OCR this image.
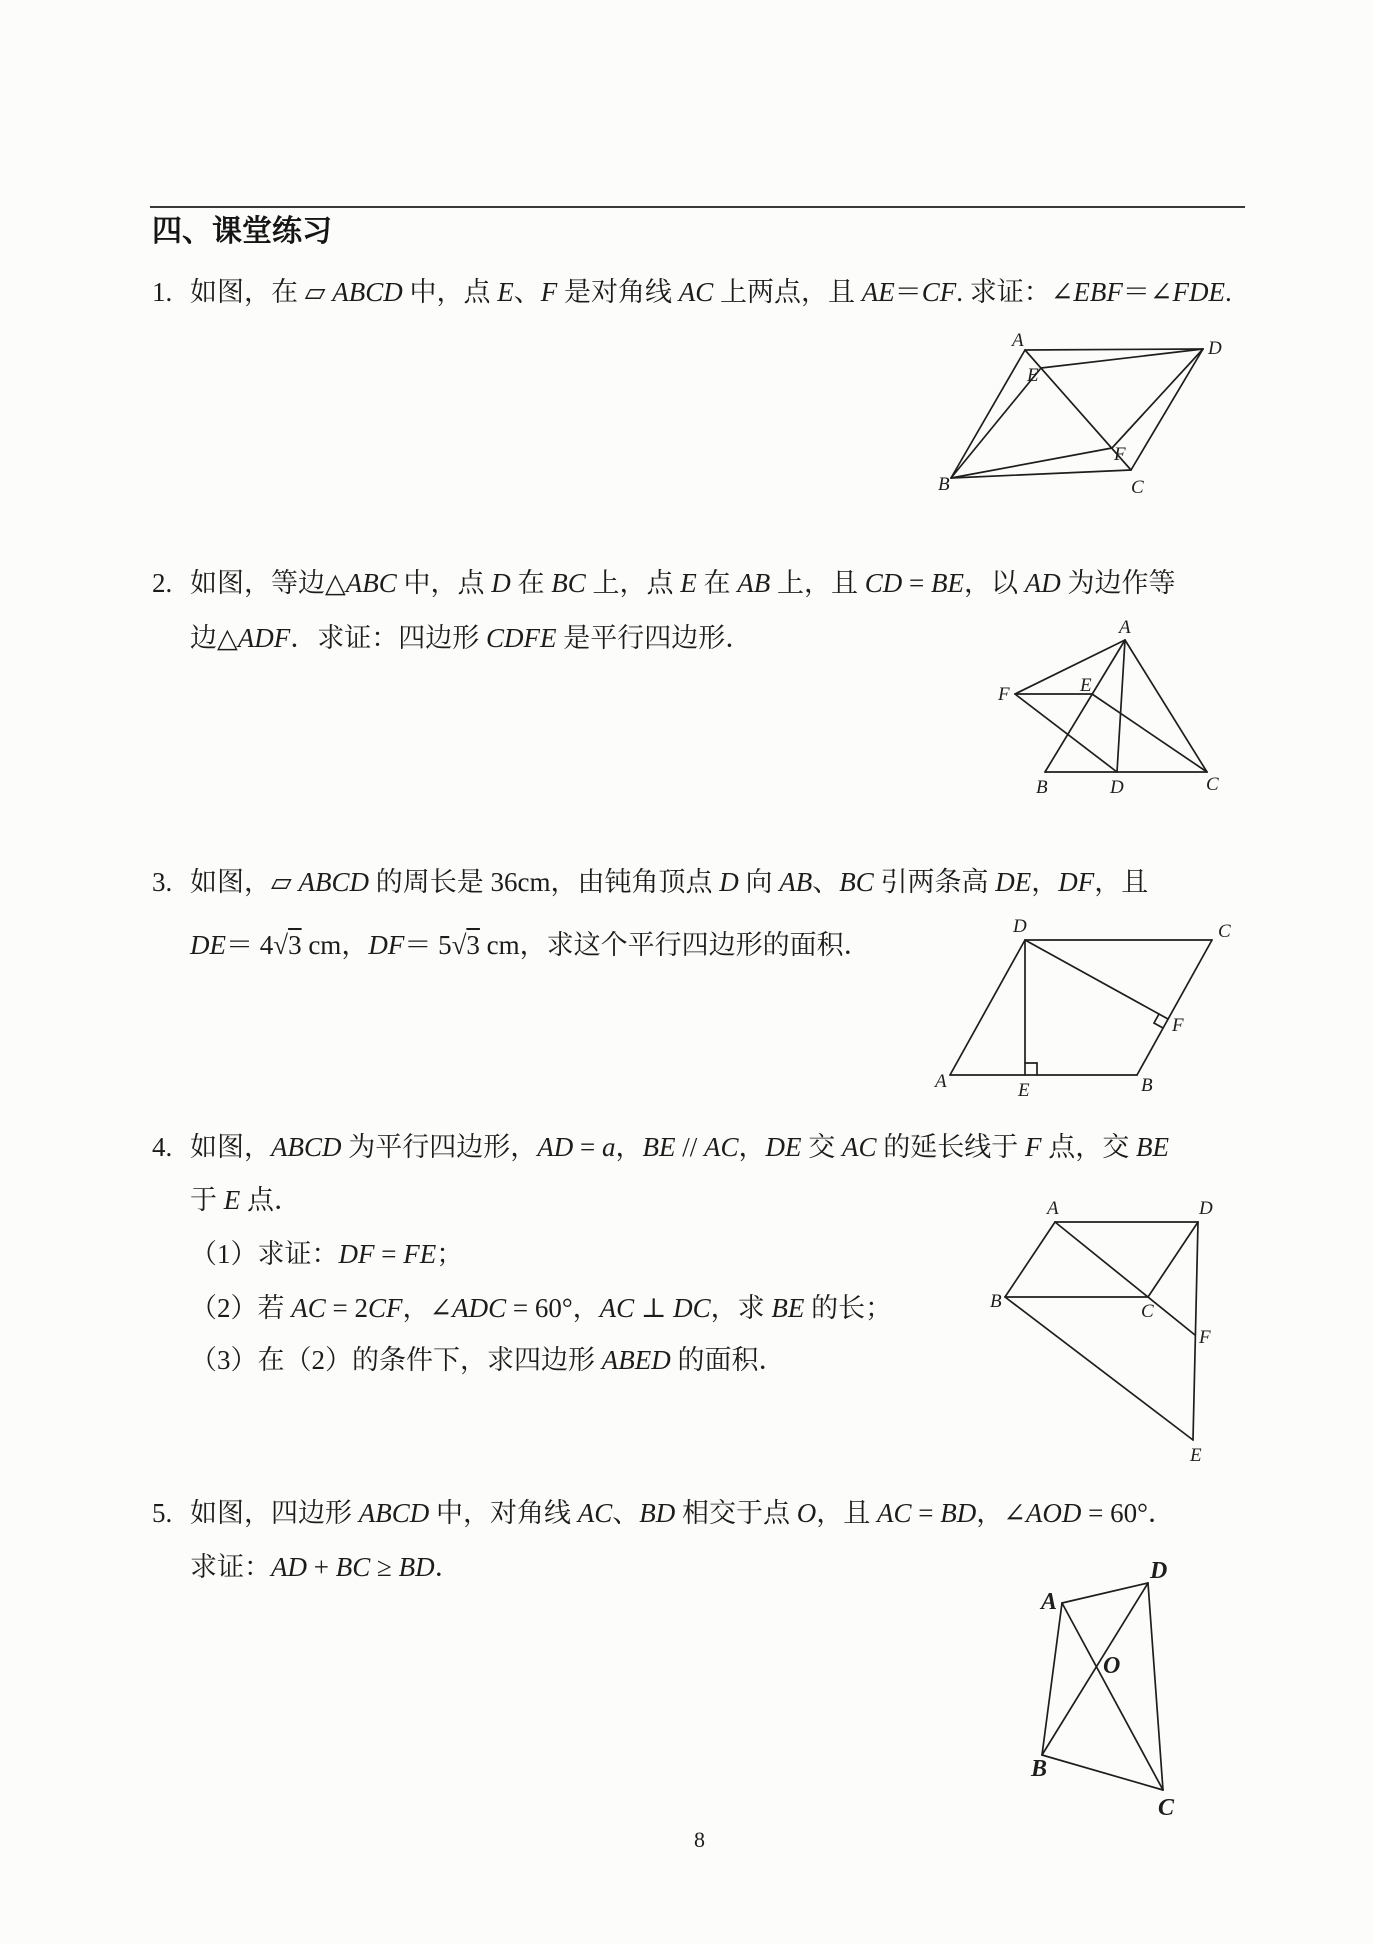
四、课堂练习
1. 如图，在 ▱ ABCD 中，点 E、F 是对角线 AC 上两点，且 AE＝CF. 求证：∠EBF＝∠FDE.
2. 如图，等边△ABC 中，点 D 在 BC 上，点 E 在 AB 上，且 CD = BE，以 AD 为边作等
边△ADF．求证：四边形 CDFE 是平行四边形．
3. 如图，▱ ABCD 的周长是 36cm，由钝角顶点 D 向 AB、BC 引两条高 DE，DF，且
DE＝ 4√3 cm，DF＝ 5√3 cm，求这个平行四边形的面积．
4. 如图，ABCD 为平行四边形，AD = a，BE // AC，DE 交 AC 的延长线于 F 点，交 BE
于 E 点．
（1）求证：DF = FE；
（2）若 AC = 2CF，∠ADC = 60°，AC ⊥ DC，求 BE 的长；
（3）在（2）的条件下，求四边形 ABED 的面积．
5. 如图，四边形 ABCD 中，对角线 AC、BD 相交于点 O，且 AC = BD，∠AOD = 60°．
求证：AD + BC ≥ BD．
8
A	D
E
F
B	C
A
F	E
B	D	C
D	C
F
A	E	B
A	D
B	C
F
E
A
D
O
B
C
